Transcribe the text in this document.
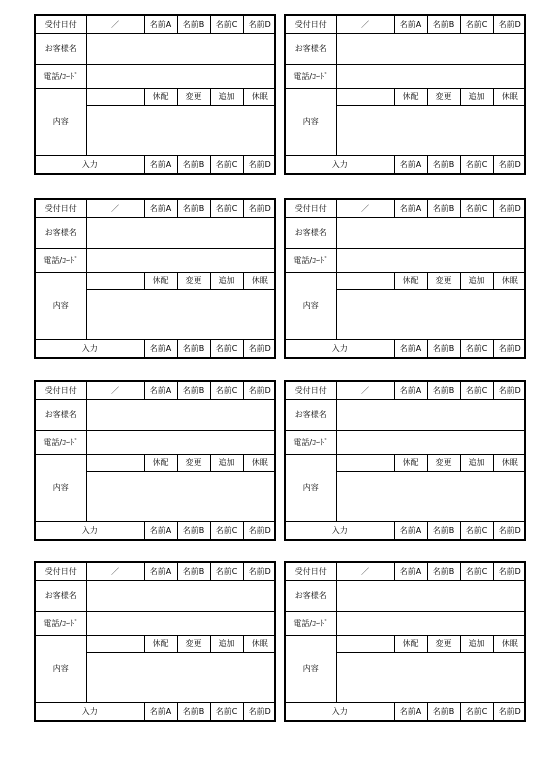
受付日付	／	名前A	名前B	名前C	名前D
お客様名					
電話/ｺｰﾄﾞ					
内容		休配	変更	追加	休眠

入力		名前A	名前B	名前C	名前D
受付日付	／	名前A	名前B	名前C	名前D
お客様名					
電話/ｺｰﾄﾞ					
内容		休配	変更	追加	休眠

入力		名前A	名前B	名前C	名前D
受付日付	／	名前A	名前B	名前C	名前D
お客様名					
電話/ｺｰﾄﾞ					
内容		休配	変更	追加	休眠

入力		名前A	名前B	名前C	名前D
受付日付	／	名前A	名前B	名前C	名前D
お客様名					
電話/ｺｰﾄﾞ					
内容		休配	変更	追加	休眠

入力		名前A	名前B	名前C	名前D
受付日付	／	名前A	名前B	名前C	名前D
お客様名					
電話/ｺｰﾄﾞ					
内容		休配	変更	追加	休眠

入力		名前A	名前B	名前C	名前D
受付日付	／	名前A	名前B	名前C	名前D
お客様名					
電話/ｺｰﾄﾞ					
内容		休配	変更	追加	休眠

入力		名前A	名前B	名前C	名前D
受付日付	／	名前A	名前B	名前C	名前D
お客様名					
電話/ｺｰﾄﾞ					
内容		休配	変更	追加	休眠

入力		名前A	名前B	名前C	名前D
受付日付	／	名前A	名前B	名前C	名前D
お客様名					
電話/ｺｰﾄﾞ					
内容		休配	変更	追加	休眠

入力		名前A	名前B	名前C	名前D
